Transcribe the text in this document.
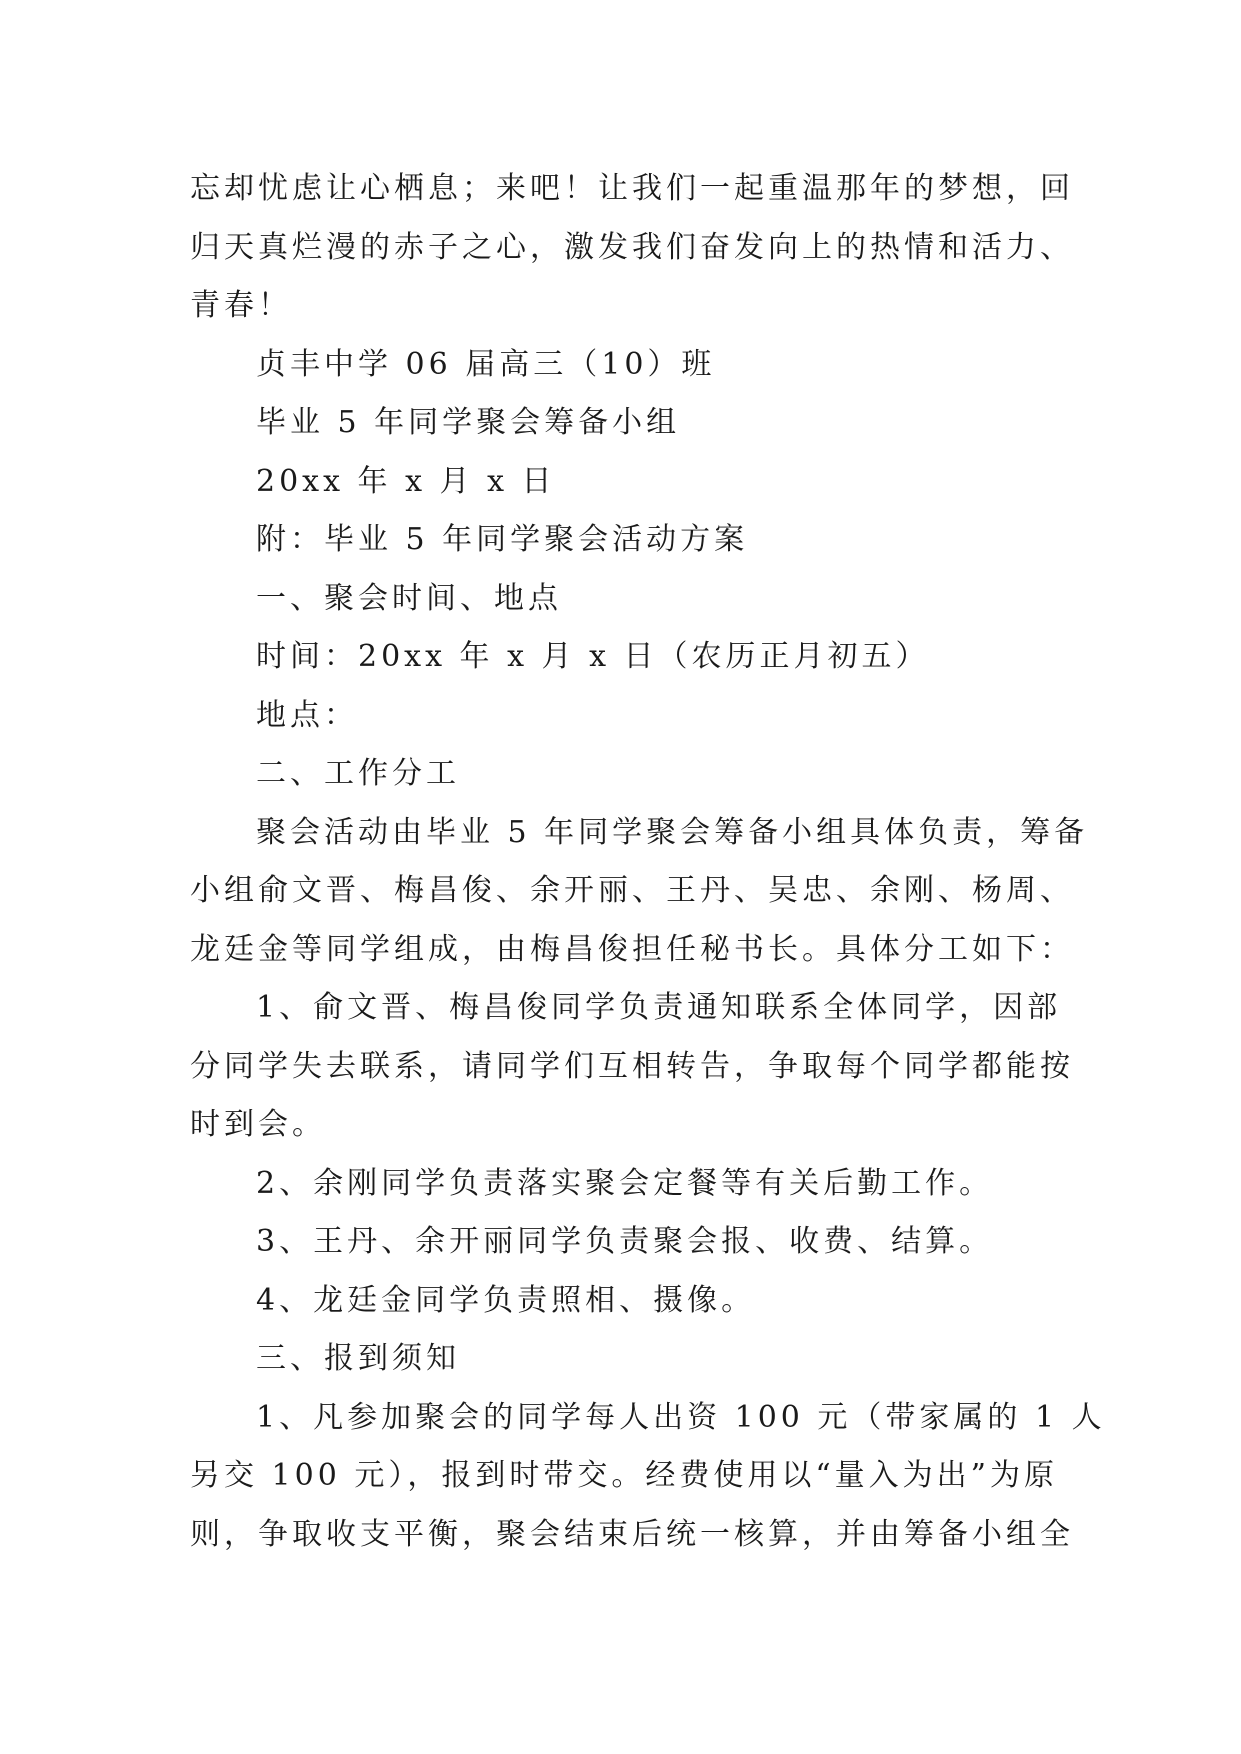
忘却忧虑让心栖息；来吧！让我们一起重温那年的梦想，回

归天真烂漫的赤子之心，激发我们奋发向上的热情和活力、

青春！

贞丰中学 06 届高三（10）班

毕业 5 年同学聚会筹备小组

20xx 年 x 月 x 日

附：毕业 5 年同学聚会活动方案

一、聚会时间、地点

时间：20xx 年 x 月 x 日（农历正月初五）

地点：

二、工作分工

聚会活动由毕业 5 年同学聚会筹备小组具体负责，筹备

小组俞文晋、梅昌俊、余开丽、王丹、吴忠、余刚、杨周、

龙廷金等同学组成，由梅昌俊担任秘书长。具体分工如下：

1、俞文晋、梅昌俊同学负责通知联系全体同学，因部

分同学失去联系，请同学们互相转告，争取每个同学都能按

时到会。

2、余刚同学负责落实聚会定餐等有关后勤工作。

3、王丹、余开丽同学负责聚会报、收费、结算。

4、龙廷金同学负责照相、摄像。

三、报到须知

1、凡参加聚会的同学每人出资 100 元（带家属的 1 人

另交 100 元），报到时带交。经费使用以“量入为出”为原

则，争取收支平衡，聚会结束后统一核算，并由筹备小组全
